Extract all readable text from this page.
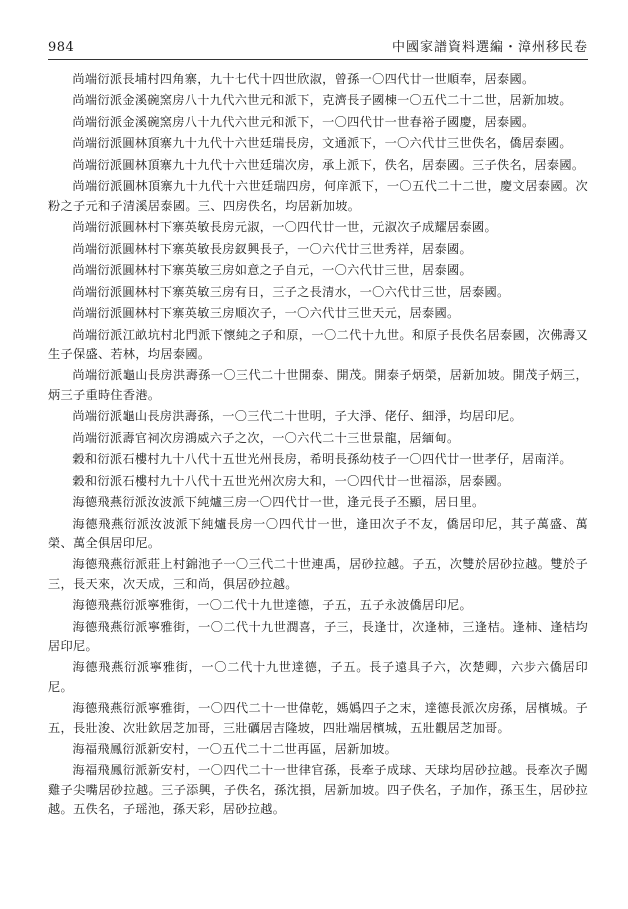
984	中國家譜資料選編・漳州移民卷

尚端衍派長埔村四角寨，九十七代十四世欣淑，曾孫一〇四代廿一世順奉，居泰國。

尚端衍派金溪碗窯房八十九代六世元和派下，克濟長子國棟一〇五代二十二世，居新加坡。

尚端衍派金溪碗窯房八十九代六世元和派下，一〇四代廿一世春裕子國慶，居泰國。

尚端衍派圓林頂寨九十九代十六世廷瑞長房，文通派下，一〇六代廿三世佚名，僑居泰國。

尚端衍派圓林頂寨九十九代十六世廷瑞次房，承上派下，佚名，居泰國。三子佚名，居泰國。

尚端衍派圓林頂寨九十九代十六世廷瑞四房，何庠派下，一〇五代二十二世，慶文居泰國。次粉之子元和子清溪居泰國。三、四房佚名，均居新加坡。

尚端衍派圓林村下寨英敏長房元淑，一〇四代廿一世，元淑次子成耀居泰國。

尚端衍派圓林村下寨英敏長房釵興長子，一〇六代廿三世秀祥，居泰國。

尚端衍派圓林村下寨英敏三房如意之子自元，一〇六代廿三世，居泰國。

尚端衍派圓林村下寨英敏三房有日，三子之長清水，一〇六代廿三世，居泰國。

尚端衍派圓林村下寨英敏三房順次子，一〇六代廿三世天元，居泰國。

尚端衍派江畝坑村北門派下懷純之子和原，一〇二代十九世。和原子長佚名居泰國，次佛壽又生子保盛、若林，均居泰國。

尚端衍派龜山長房洪壽孫一〇三代二十世開泰、開茂。開泰子炳榮，居新加坡。開茂子炳三，炳三子重時住香港。

尚端衍派龜山長房洪壽孫，一〇三代二十世明，子大淨、佬仔、細淨，均居印尼。

尚端衍派壽官祠次房鴻威六子之次，一〇六代二十三世景龍，居緬甸。

穀和衍派石樓村九十八代十五世光州長房，希明長孫幼枝子一〇四代廿一世孝仔，居南洋。

穀和衍派石樓村九十八代十五世光州次房大和，一〇四代廿一世福添，居泰國。

海德飛燕衍派汝波派下純爐三房一〇四代廿一世，逢元長子丕顯，居日里。

海德飛燕衍派汝波派下純爐長房一〇四代廿一世，逢田次子不友，僑居印尼，其子萬盛、萬榮、萬全俱居印尼。

海德飛燕衍派莊上村錦池子一〇三代二十世連禹，居砂拉越。子五，次雙於居砂拉越。雙於子三，長天來，次天成，三和尚，俱居砂拉越。

海德飛燕衍派寧雅街，一〇二代十九世達德，子五，五子永波僑居印尼。

海德飛燕衍派寧雅街，一〇二代十九世潤喜，子三，長逢廿，次逢柿，三逢桔。逢柿、逢桔均居印尼。

海德飛燕衍派寧雅街，一〇二代十九世達德，子五。長子遠具子六，次楚卿，六步六僑居印尼。

海德飛燕衍派寧雅街，一〇四代二十一世偉乾，媽嬀四子之末，達德長派次房孫，居檳城。子五，長壯浚、次壯欽居芝加哥，三壯礪居吉隆坡，四壯端居檳城，五壯觀居芝加哥。

海福飛鳳衍派新安村，一〇五代二十二世再區，居新加坡。

海福飛鳳衍派新安村，一〇四代二十一世律官孫，長牽子成球、天球均居砂拉越。長牽次子闖雞子尖嘴居砂拉越。三子添興，子佚名，孫沈損，居新加坡。四子佚名，子加作，孫玉生，居砂拉越。五佚名，子瑶池，孫天彩，居砂拉越。
